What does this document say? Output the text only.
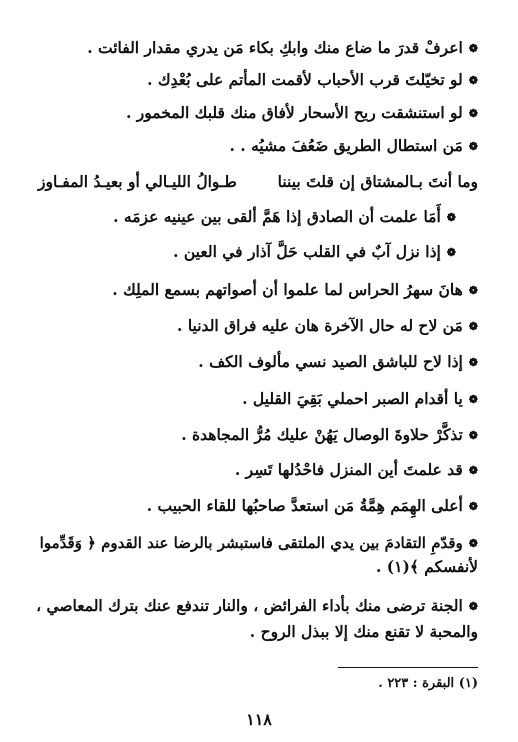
❁اعرفْ قدرَ ما ضاع منك وابكِ بكاء مَن يدري مقدار الفائت .
❁لو تخيّلتَ قرب الأحباب لأقمت المأتم على بُعْدِك .
❁لو استنشقت ريح الأسحار لأفاق منك قلبك المخمور .
❁مَن استطال الطريق ضَعُفَ مشيُه . .
وما أنتَ بـالمشتاق إن قلتَ بيننا
طـوالُ الليـالي أو بعيـدُ المفـاوز
❁أَمَا علمت أن الصادق إذا هَمَّ ألقى بين عينيه عزمَه .
❁إذا نزل آبٌ في القلب حَلَّ آذار في العين .
❁هانَ سهرُ الحراس لما علموا أن أصواتهم بسمع الملِك .
❁مَن لاح له حال الآخرة هان عليه فراق الدنيا .
❁إذا لاح للباشق الصيد نسي مألوف الكف .
❁يا أقدام الصبر احملي بَقِيَ القليل .
❁تذكَّرْ حلاوةَ الوصال يَهُنْ عليك مُرُّ المجاهدة .
❁قد علمتَ أين المنزل فاحْدُلها تَسِر .
❁أعلى الهِمَم هِمَّةُ مَن استعدَّ صاحبُها للقاء الحبيب .
❁وقدّمِ التقادمَ بين يدي الملتقى فاستبشر بالرضا عند القدوم ﴿ وَقَدِّموا
لأنفسكم ﴾(١) .
❁الجنة ترضى منك بأداء الفرائض ، والنار تندفع عنك بترك المعاصي ،
والمحبة لا تقنع منك إلا ببذل الروح .
(١) البقرة : ٢٢٣ .
١١٨
